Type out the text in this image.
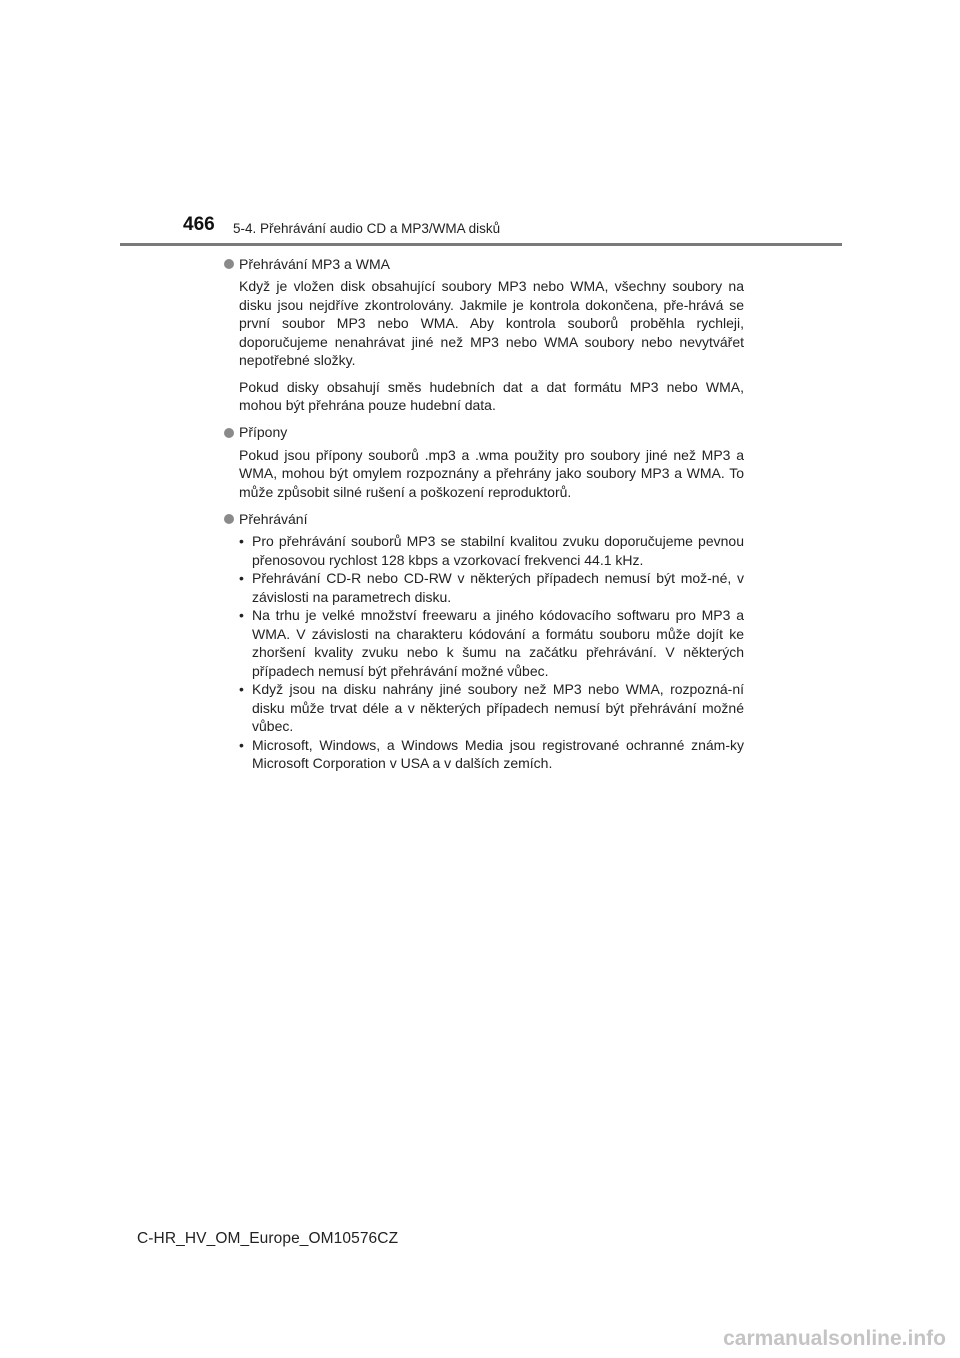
466 5-4. Přehrávání audio CD a MP3/WMA disků
Přehrávání MP3 a WMA

Když je vložen disk obsahující soubory MP3 nebo WMA, všechny soubory na disku jsou nejdříve zkontrolovány. Jakmile je kontrola dokončena, pře-hrává se první soubor MP3 nebo WMA. Aby kontrola souborů proběhla rychleji, doporučujeme nenahrávat jiné než MP3 nebo WMA soubory nebo nevytvářet nepotřebné složky.

Pokud disky obsahují směs hudebních dat a dat formátu MP3 nebo WMA, mohou být přehrána pouze hudební data.

Přípony

Pokud jsou přípony souborů .mp3 a .wma použity pro soubory jiné než MP3 a WMA, mohou být omylem rozpoznány a přehrány jako soubory MP3 a WMA. To může způsobit silné rušení a poškození reproduktorů.

Přehrávání
• Pro přehrávání souborů MP3 se stabilní kvalitou zvuku doporučujeme pevnou přenosovou rychlost 128 kbps a vzorkovací frekvenci 44.1 kHz.
• Přehrávání CD-R nebo CD-RW v některých případech nemusí být mož-né, v závislosti na parametrech disku.
• Na trhu je velké množství freewaru a jiného kódovacího softwaru pro MP3 a WMA. V závislosti na charakteru kódování a formátu souboru může dojít ke zhoršení kvality zvuku nebo k šumu na začátku přehrávání. V některých případech nemusí být přehrávání možné vůbec.
• Když jsou na disku nahrány jiné soubory než MP3 nebo WMA, rozpozná-ní disku může trvat déle a v některých případech nemusí být přehrávání možné vůbec.
• Microsoft, Windows, a Windows Media jsou registrované ochranné znám-ky Microsoft Corporation v USA a v dalších zemích.
C-HR_HV_OM_Europe_OM10576CZ
carmanualsonline.info
